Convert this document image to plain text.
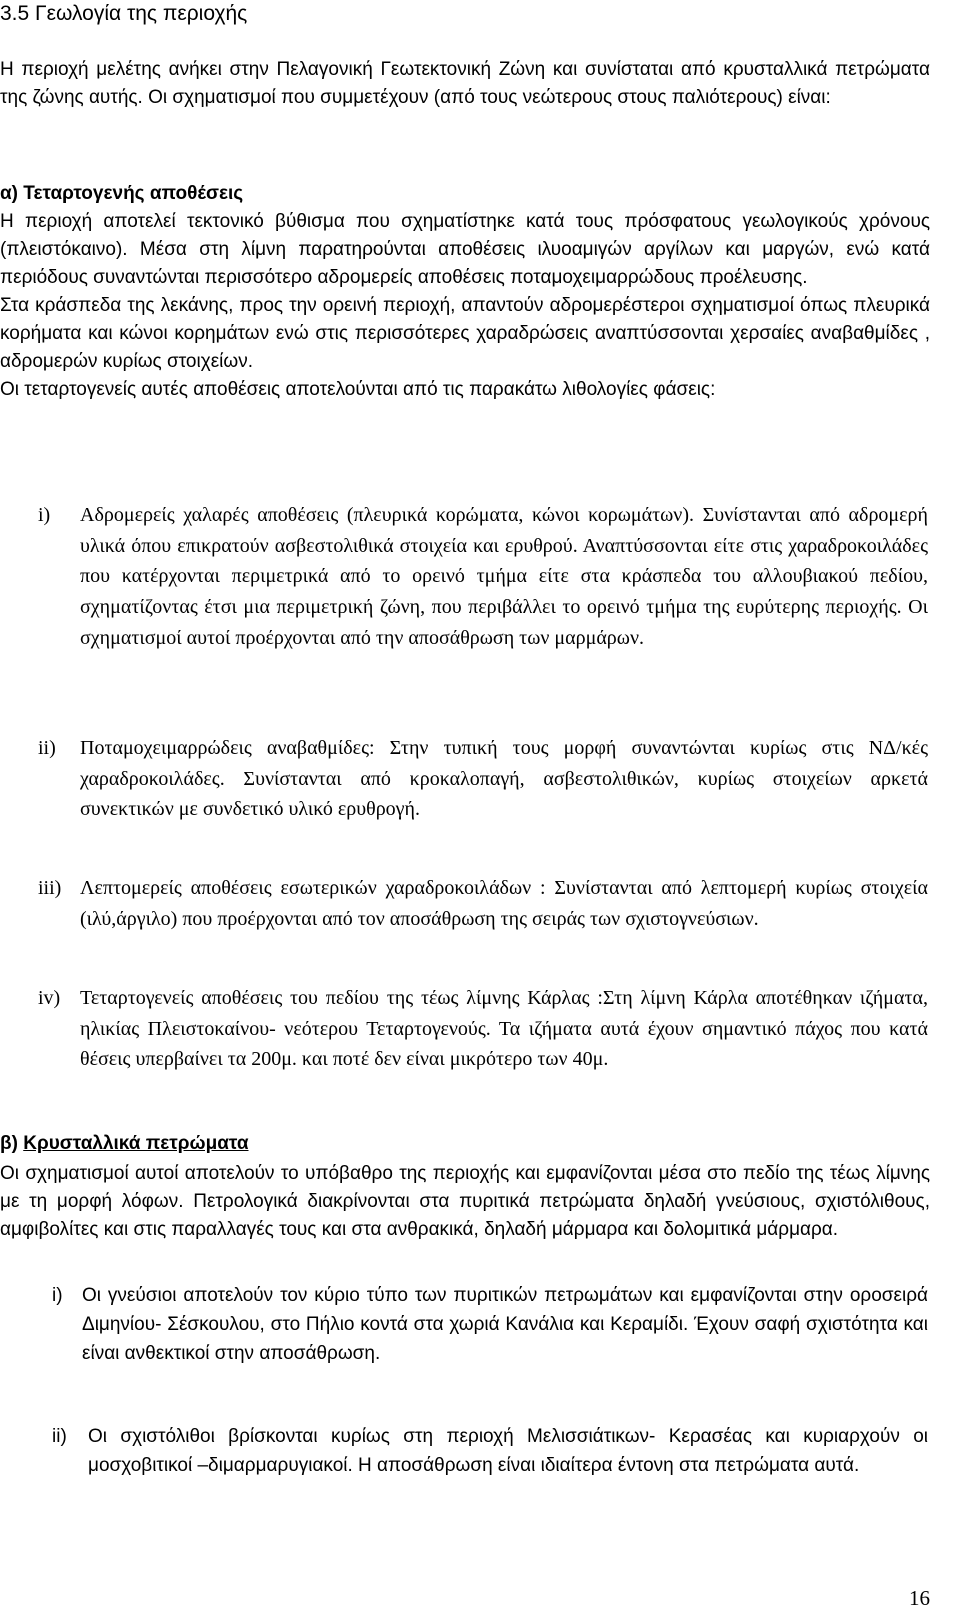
3.5 Γεωλογία της περιοχής

Η περιοχή μελέτης ανήκει στην Πελαγονική Γεωτεκτονική Ζώνη και συνίσταται από κρυσταλλικά πετρώματα της ζώνης αυτής. Οι σχηματισμοί που συμμετέχουν (από τους νεώτερους στους παλιότερους) είναι:

α) Τεταρτογενής αποθέσεις

Η περιοχή αποτελεί τεκτονικό βύθισμα που σχηματίστηκε κατά τους πρόσφατους γεωλογικούς χρόνους (πλειστόκαινο). Μέσα στη λίμνη παρατηρούνται αποθέσεις ιλυοαμιγών αργίλων και μαργών, ενώ κατά περιόδους συναντώνται περισσότερο αδρομερείς αποθέσεις ποταμοχειμαρρώδους προέλευσης.

Στα κράσπεδα της λεκάνης, προς την ορεινή περιοχή, απαντούν αδρομερέστεροι σχηματισμοί όπως πλευρικά κορήματα και κώνοι κορημάτων ενώ στις περισσότερες χαραδρώσεις αναπτύσσονται χερσαίες αναβαθμίδες , αδρομερών κυρίως στοιχείων.

Οι τεταρτογενείς αυτές αποθέσεις αποτελούνται από τις παρακάτω λιθολογίες φάσεις:

i)	Αδρομερείς χαλαρές αποθέσεις (πλευρικά κορώματα, κώνοι κορωμάτων). Συνίστανται από αδρομερή υλικά όπου επικρατούν ασβεστολιθικά στοιχεία και ερυθρού. Αναπτύσσονται είτε στις χαραδροκοιλάδες που κατέρχονται περιμετρικά από το ορεινό τμήμα είτε στα κράσπεδα του αλλουβιακού πεδίου, σχηματίζοντας έτσι μια περιμετρική ζώνη, που περιβάλλει το ορεινό τμήμα της ευρύτερης περιοχής. Οι σχηματισμοί αυτοί προέρχονται από την αποσάθρωση των μαρμάρων.
ii)	Ποταμοχειμαρρώδεις αναβαθμίδες: Στην τυπική τους μορφή συναντώνται κυρίως στις ΝΔ/κές χαραδροκοιλάδες. Συνίστανται από κροκαλοπαγή, ασβεστολιθικών, κυρίως στοιχείων αρκετά συνεκτικών με συνδετικό υλικό ερυθρογή.
iii) Λεπτομερείς αποθέσεις εσωτερικών χαραδροκοιλάδων : Συνίστανται από λεπτομερή κυρίως στοιχεία (ιλύ,άργιλο) που προέρχονται από τον αποσάθρωση της σειράς των σχιστογνεύσιων.
iv) Τεταρτογενείς αποθέσεις του πεδίου της τέως λίμνης Κάρλας :Στη λίμνη Κάρλα αποτέθηκαν ιζήματα, ηλικίας Πλειστοκαίνου- νεότερου Τεταρτογενούς. Τα ιζήματα αυτά έχουν σημαντικό πάχος που κατά θέσεις υπερβαίνει τα 200μ. και ποτέ δεν είναι μικρότερο των 40μ.
β) Κρυσταλλικά πετρώματα

Οι σχηματισμοί αυτοί αποτελούν το υπόβαθρο της περιοχής και εμφανίζονται μέσα στο πεδίο της τέως λίμνης με τη μορφή λόφων. Πετρολογικά διακρίνονται στα πυριτικά πετρώματα δηλαδή γνεύσιους, σχιστόλιθους, αμφιβολίτες και στις παραλλαγές τους και στα ανθρακικά, δηλαδή μάρμαρα και δολομιτικά μάρμαρα.

i)	Οι γνεύσιοι αποτελούν τον κύριο τύπο των πυριτικών πετρωμάτων και εμφανίζονται στην οροσειρά Διμηνίου- Σέσκουλου, στο Πήλιο κοντά στα χωριά Κανάλια και Κεραμίδι. Έχουν σαφή σχιστότητα και είναι ανθεκτικοί στην αποσάθρωση.
ii)	Οι σχιστόλιθοι βρίσκονται κυρίως στη περιοχή Μελισσιάτικων- Κερασέας και κυριαρχούν οι μοσχοβιτικοί –διμαρμαρυγιακοί. Η αποσάθρωση είναι ιδιαίτερα έντονη στα πετρώματα αυτά.
16
